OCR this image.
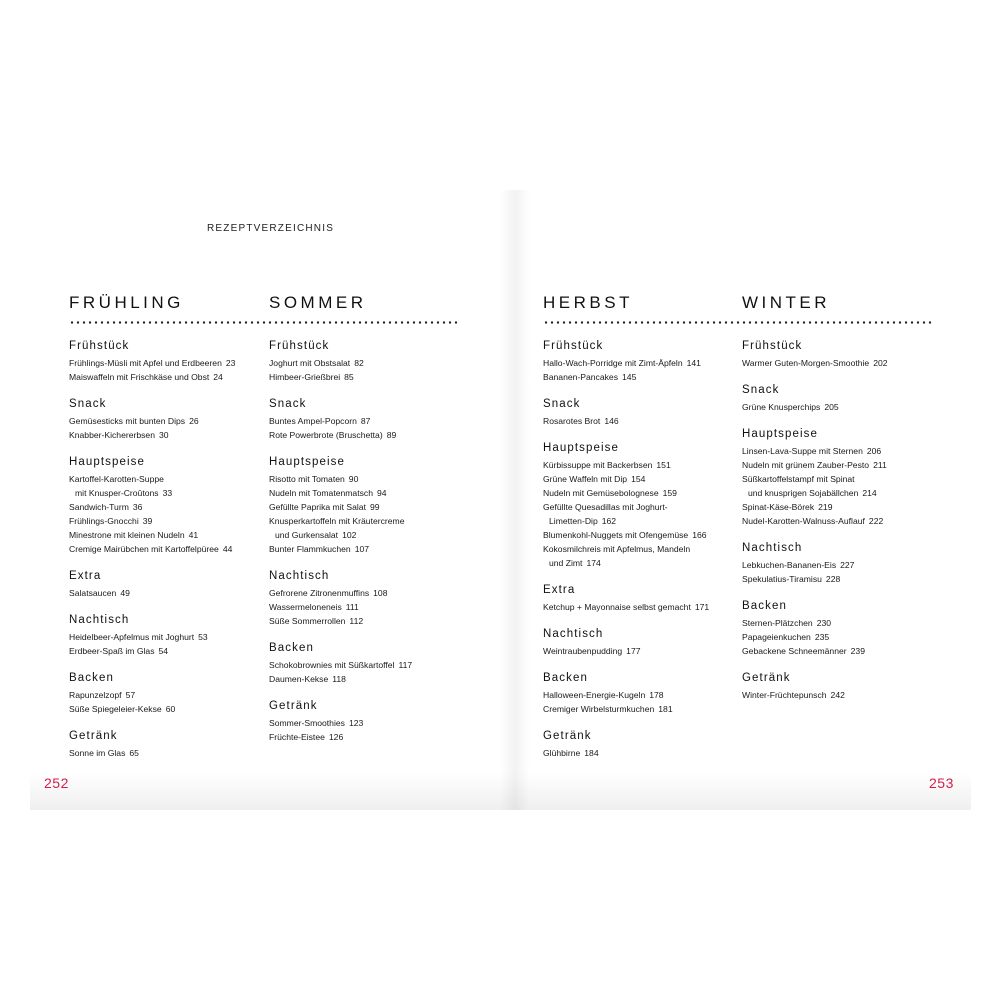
REZEPTVERZEICHNIS
FRÜHLING	SOMMER	HERBST	WINTER
Frühstück
Frühlings-Müsli mit Apfel und Erdbeeren 23
Maiswaffeln mit Frischkäse und Obst 24
Snack
Gemüsesticks mit bunten Dips 26
Knabber-Kichererbsen 30
Hauptspeise
Kartoffel-Karotten-Suppe
mit Knusper-Croûtons 33
Sandwich-Turm 36
Frühlings-Gnocchi 39
Minestrone mit kleinen Nudeln 41
Cremige Mairübchen mit Kartoffelpüree 44
Extra
Salatsaucen 49
Nachtisch
Heidelbeer-Apfelmus mit Joghurt 53
Erdbeer-Spaß im Glas 54
Backen
Rapunzelzopf 57
Süße Spiegeleier-Kekse 60
Getränk
Sonne im Glas 65
Frühstück
Joghurt mit Obstsalat 82
Himbeer-Grießbrei 85
Snack
Buntes Ampel-Popcorn 87
Rote Powerbrote (Bruschetta) 89
Hauptspeise
Risotto mit Tomaten 90
Nudeln mit Tomatenmatsch 94
Gefüllte Paprika mit Salat 99
Knusperkartoffeln mit Kräutercreme
und Gurkensalat 102
Bunter Flammkuchen 107
Nachtisch
Gefrorene Zitronenmuffins 108
Wassermeloneneis 111
Süße Sommerrollen 112
Backen
Schokobrownies mit Süßkartoffel 117
Daumen-Kekse 118
Getränk
Sommer-Smoothies 123
Früchte-Eistee 126
Frühstück
Hallo-Wach-Porridge mit Zimt-Äpfeln 141
Bananen-Pancakes 145
Snack
Rosarotes Brot 146
Hauptspeise
Kürbissuppe mit Backerbsen 151
Grüne Waffeln mit Dip 154
Nudeln mit Gemüsebolognese 159
Gefüllte Quesadillas mit Joghurt-
Limetten-Dip 162
Blumenkohl-Nuggets mit Ofengemüse 166
Kokosmilchreis mit Apfelmus, Mandeln
und Zimt 174
Extra
Ketchup + Mayonnaise selbst gemacht 171
Nachtisch
Weintraubenpudding 177
Backen
Halloween-Energie-Kugeln 178
Cremiger Wirbelsturmkuchen 181
Getränk
Glühbirne 184
Frühstück
Warmer Guten-Morgen-Smoothie 202
Snack
Grüne Knusperchips 205
Hauptspeise
Linsen-Lava-Suppe mit Sternen 206
Nudeln mit grünem Zauber-Pesto 211
Süßkartoffelstampf mit Spinat
und knusprigen Sojabällchen 214
Spinat-Käse-Börek 219
Nudel-Karotten-Walnuss-Auflauf 222
Nachtisch
Lebkuchen-Bananen-Eis 227
Spekulatius-Tiramisu 228
Backen
Sternen-Plätzchen 230
Papageienkuchen 235
Gebackene Schneemänner 239
Getränk
Winter-Früchtepunsch 242
252	253
